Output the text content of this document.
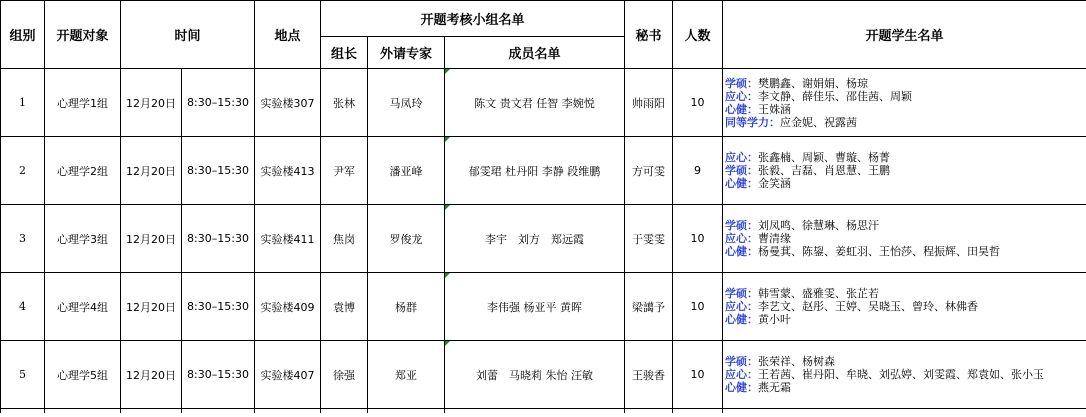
组别	开题对象	时间		地点	开题考核小组名单			秘书	人数	开题学生名单
					组长	外请专家	成员名单			
1	心理学1组	12月20日	8:30–15:30	实验楼307	张林	马凤玲	陈文 贵文君 任智 李婉悦	帅雨阳	10	学硕：樊鹏鑫、谢娟娟、杨琼
应心：李文静、薛佳乐、邵佳茜、周颖
心健：王姝涵
同等学力：应金妮、祝露茜

2	心理学2组	12月20日	8:30–15:30	实验楼413	尹军	潘亚峰	郁雯珺 杜丹阳 李静 段维鹏	方可雯	9	应心：张鑫楠、周颖、曹璇、杨菁
学硕：张毅、吉磊、肖恩慧、王鹏
心健：金笑涵

3	心理学3组	12月20日	8:30–15:30	实验楼411	焦岗	罗俊龙	李宇　刘方　郑远霞	于雯雯	10	学硕：刘凤鸣、徐慧琳、杨思汗
应心：曹清缘
心健：杨曼萁、陈鋆、姜虹羽、王怡莎、程振辉、田昊哲

4	心理学4组	12月20日	8:30–15:30	实验楼409	袁博	杨群	李伟强 杨亚平 黄晖	梁譪予	10	学硕：韩雪蒙、盛雅雯、张芷若
应心：李艺文、赵彤、王婷、吴晓玉、曾玲、林佛香
心健：黄小叶

5	心理学5组	12月20日	8:30–15:30	实验楼407	徐强	郑亚	刘蕾　马晓莉 朱怡 汪敏	王骏香	10	学硕：张荣祥、杨树森
应心：王若茜、崔丹阳、牟晓、刘弘婷、刘雯霞、郑袁如、张小玉
心健：燕无霜
